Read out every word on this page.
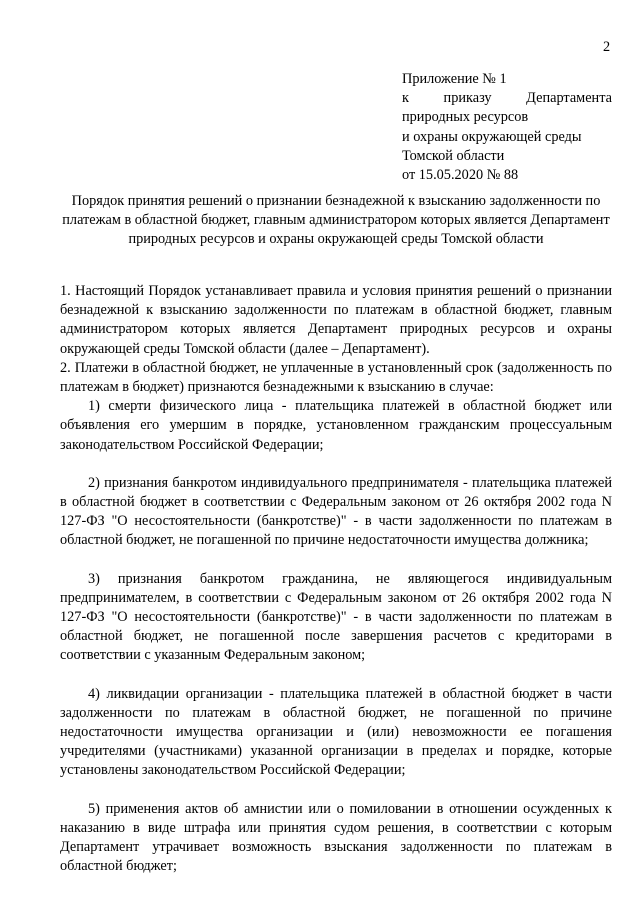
2
Приложение № 1
к приказу Департамента
природных ресурсов
и охраны окружающей среды
Томской области
от 15.05.2020 № 88
Порядок принятия решений о признании безнадежной к взысканию задолженности по платежам в областной бюджет, главным администратором которых является Департамент природных ресурсов и охраны окружающей среды Томской области

1. Настоящий Порядок устанавливает правила и условия принятия решений о признании безнадежной к взысканию задолженности по платежам в областной бюджет, главным администратором которых является Департамент природных ресурсов и охраны окружающей среды Томской области (далее – Департамент).

2. Платежи в областной бюджет, не уплаченные в установленный срок (задолженность по платежам в бюджет) признаются безнадежными к взысканию в случае:

1) смерти физического лица - плательщика платежей в областной бюджет или объявления его умершим в порядке, установленном гражданским процессуальным законодательством Российской Федерации;

2) признания банкротом индивидуального предпринимателя - плательщика платежей в областной бюджет в соответствии с Федеральным законом от 26 октября 2002 года N 127-ФЗ "О несостоятельности (банкротстве)" - в части задолженности по платежам в областной бюджет, не погашенной по причине недостаточности имущества должника;

3) признания банкротом гражданина, не являющегося индивидуальным предпринимателем, в соответствии с Федеральным законом от 26 октября 2002 года N 127-ФЗ "О несостоятельности (банкротстве)" - в части задолженности по платежам в областной бюджет, не погашенной после завершения расчетов с кредиторами в соответствии с указанным Федеральным законом;

4) ликвидации организации - плательщика платежей в областной бюджет в части задолженности по платежам в областной бюджет, не погашенной по причине недостаточности имущества организации и (или) невозможности ее погашения учредителями (участниками) указанной организации в пределах и порядке, которые установлены законодательством Российской Федерации;

5) применения актов об амнистии или о помиловании в отношении осужденных к наказанию в виде штрафа или принятия судом решения, в соответствии с которым Департамент утрачивает возможность взыскания задолженности по платежам в областной бюджет;
